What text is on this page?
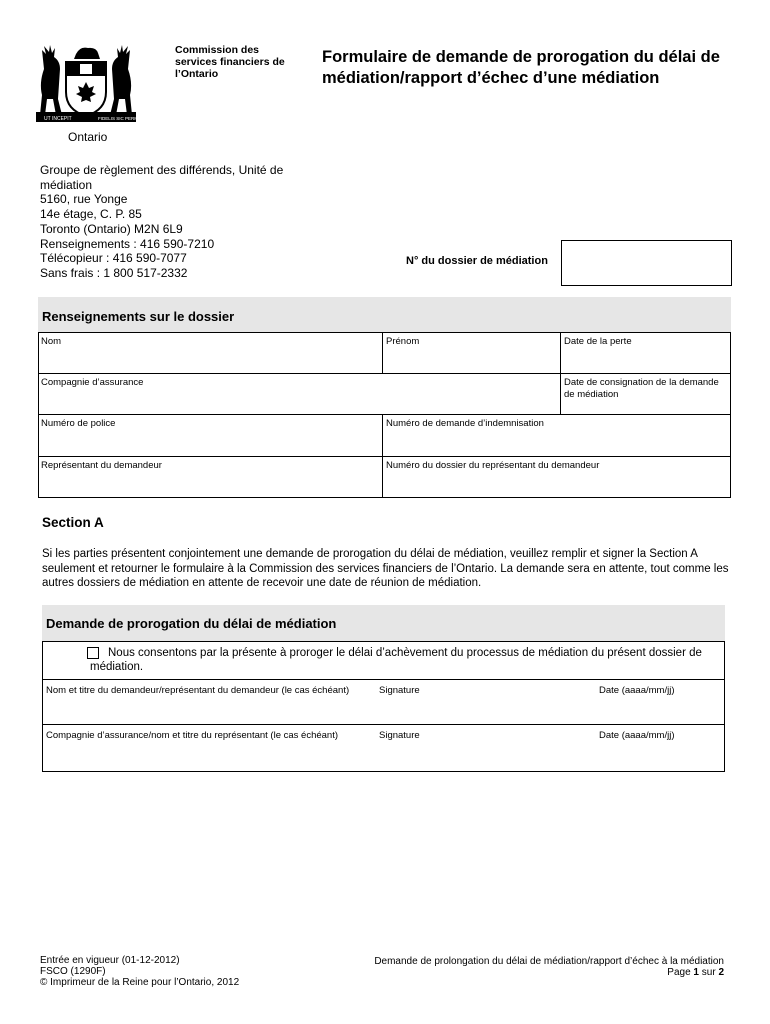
UT INCEPIT	FIDELIS SIC PERMANET
Ontario
Commission des services financiers de l’Ontario
Formulaire de demande de prorogation du délai de médiation/rapport d’échec d’une médiation
Groupe de règlement des différends, Unité de
médiation
5160, rue Yonge
14e étage, C. P. 85
Toronto (Ontario) M2N 6L9
Renseignements : 416 590-7210
Télécopieur : 416 590-7077
Sans frais : 1 800 517-2332
N° du dossier de médiation
Renseignements sur le dossier
Nom	Prénom	Date de la perte
Compagnie d’assurance	Date de consignation de la demande de médiation
Numéro de police	Numéro de demande d’indemnisation
Représentant du demandeur	Numéro du dossier du représentant du demandeur
Section A
Si les parties présentent conjointement une demande de prorogation du délai de médiation, veuillez remplir et signer la Section A seulement et retourner le formulaire à la Commission des services financiers de l’Ontario. La demande sera en attente, tout comme les autres dossiers de médiation en attente de recevoir une date de réunion de médiation.
Demande de prorogation du délai de médiation
Nous consentons par la présente à proroger le délai d’achèvement du processus de médiation du présent dossier de médiation.
Nom et titre du demandeur/représentant du demandeur (le cas échéant)	Signature	Date (aaaa/mm/jj)
Compagnie d’assurance/nom et titre du représentant (le cas échéant)	Signature	Date (aaaa/mm/jj)
Entrée en vigueur (01-12-2012)
FSCO (1290F)
© Imprimeur de la Reine pour l’Ontario, 2012
Demande de prolongation du délai de médiation/rapport d’échec à la médiation
Page 1 sur 2
